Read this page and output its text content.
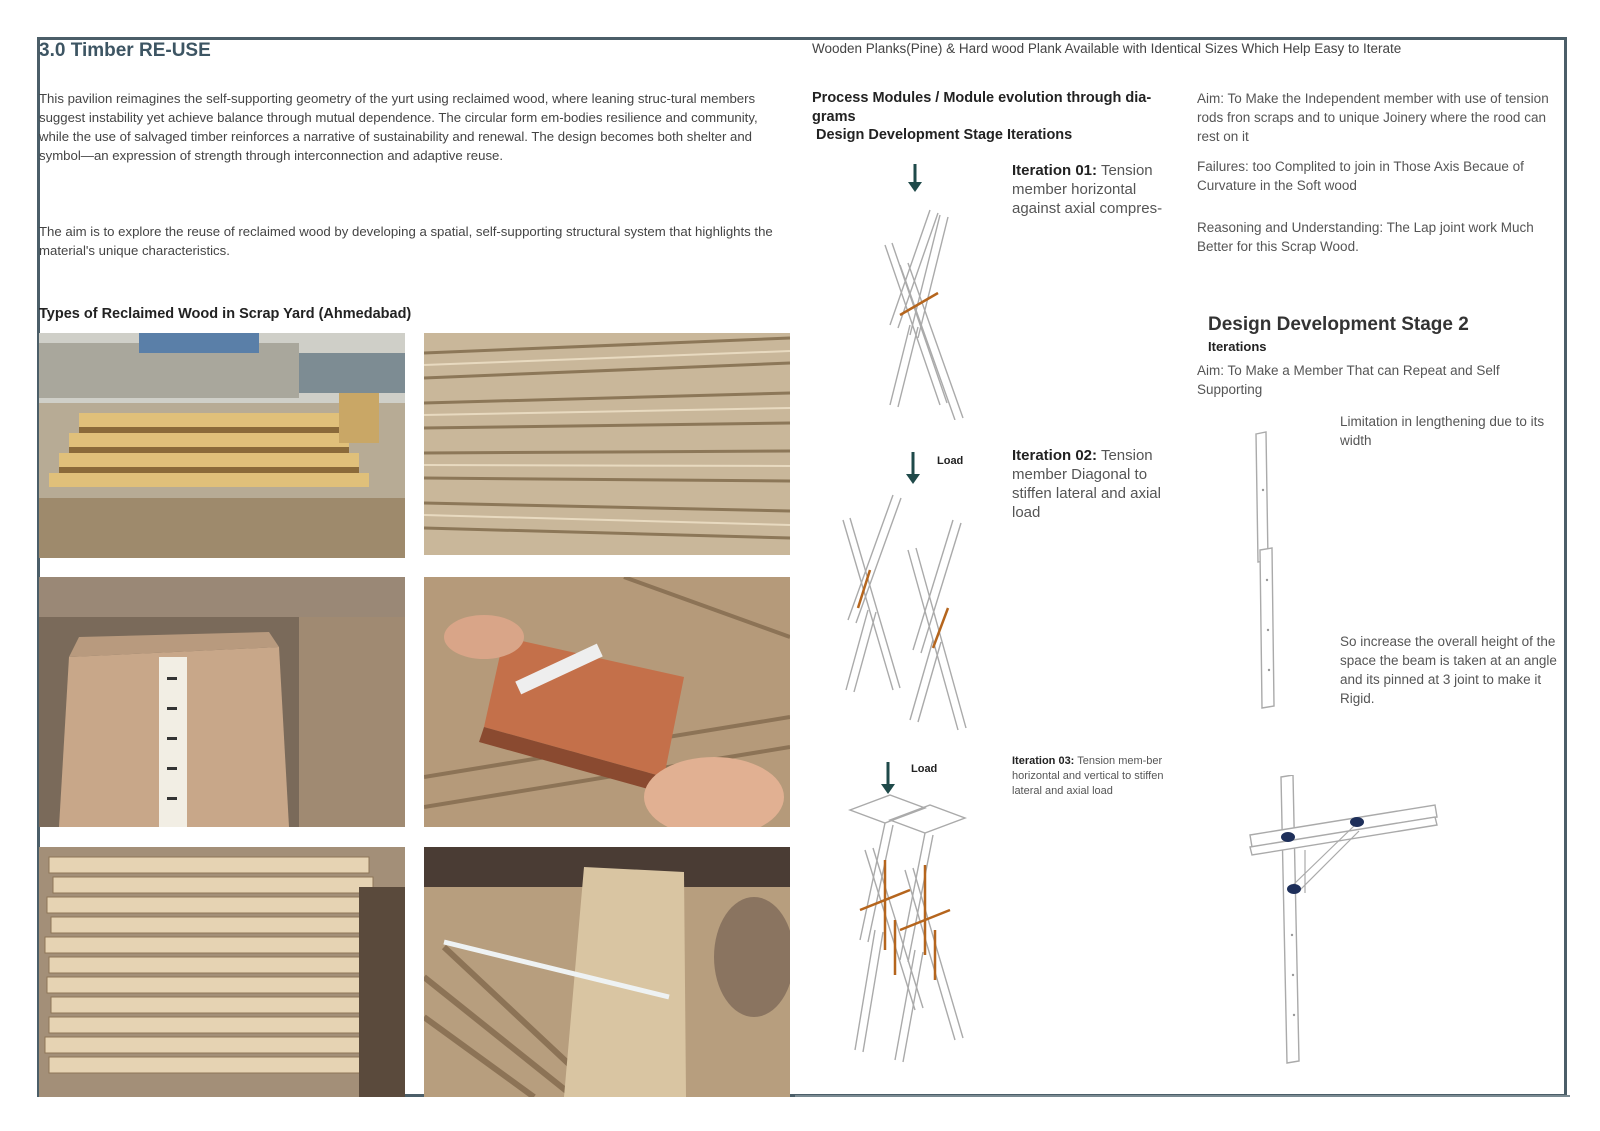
3.0 Timber RE-USE

This pavilion reimagines the self-supporting geometry of the yurt using reclaimed wood, where leaning struc-tural members suggest instability yet achieve balance through mutual dependence. The circular form em-bodies resilience and community, while the use of salvaged timber reinforces a narrative of sustainability and renewal. The design becomes both shelter and symbol—an expression of strength through interconnection and adaptive reuse.

The aim is to explore the reuse of reclaimed wood by developing a spatial, self-supporting structural system that highlights the material's unique characteristics.

Types of Reclaimed Wood in Scrap Yard (Ahmedabad)
Wooden Planks(Pine) & Hard wood Plank Available with Identical Sizes Which Help Easy to Iterate
Process Modules / Module evolution through dia-grams
Design Development Stage Iterations
Iteration 01: Tension member horizontal against axial compres-
Load	Iteration 02: Tension member Diagonal to stiffen lateral and axial load
Load
Iteration 03: Tension mem-ber horizontal and vertical to stiffen lateral and axial load
Aim: To Make the Independent member with use of tension rods fron scraps and to unique Joinery where the rood can rest on it
Failures: too Complited to join in Those Axis Becaue of Curvature in the Soft wood
Reasoning and Understanding: The Lap joint work Much Better for this Scrap Wood.
Design Development Stage 2
Iterations
Aim: To Make a Member That can Repeat and Self Supporting
Limitation in lengthening due to its width
So increase the overall height of the space the beam is taken at an angle and its pinned at 3 joint to make it Rigid.
